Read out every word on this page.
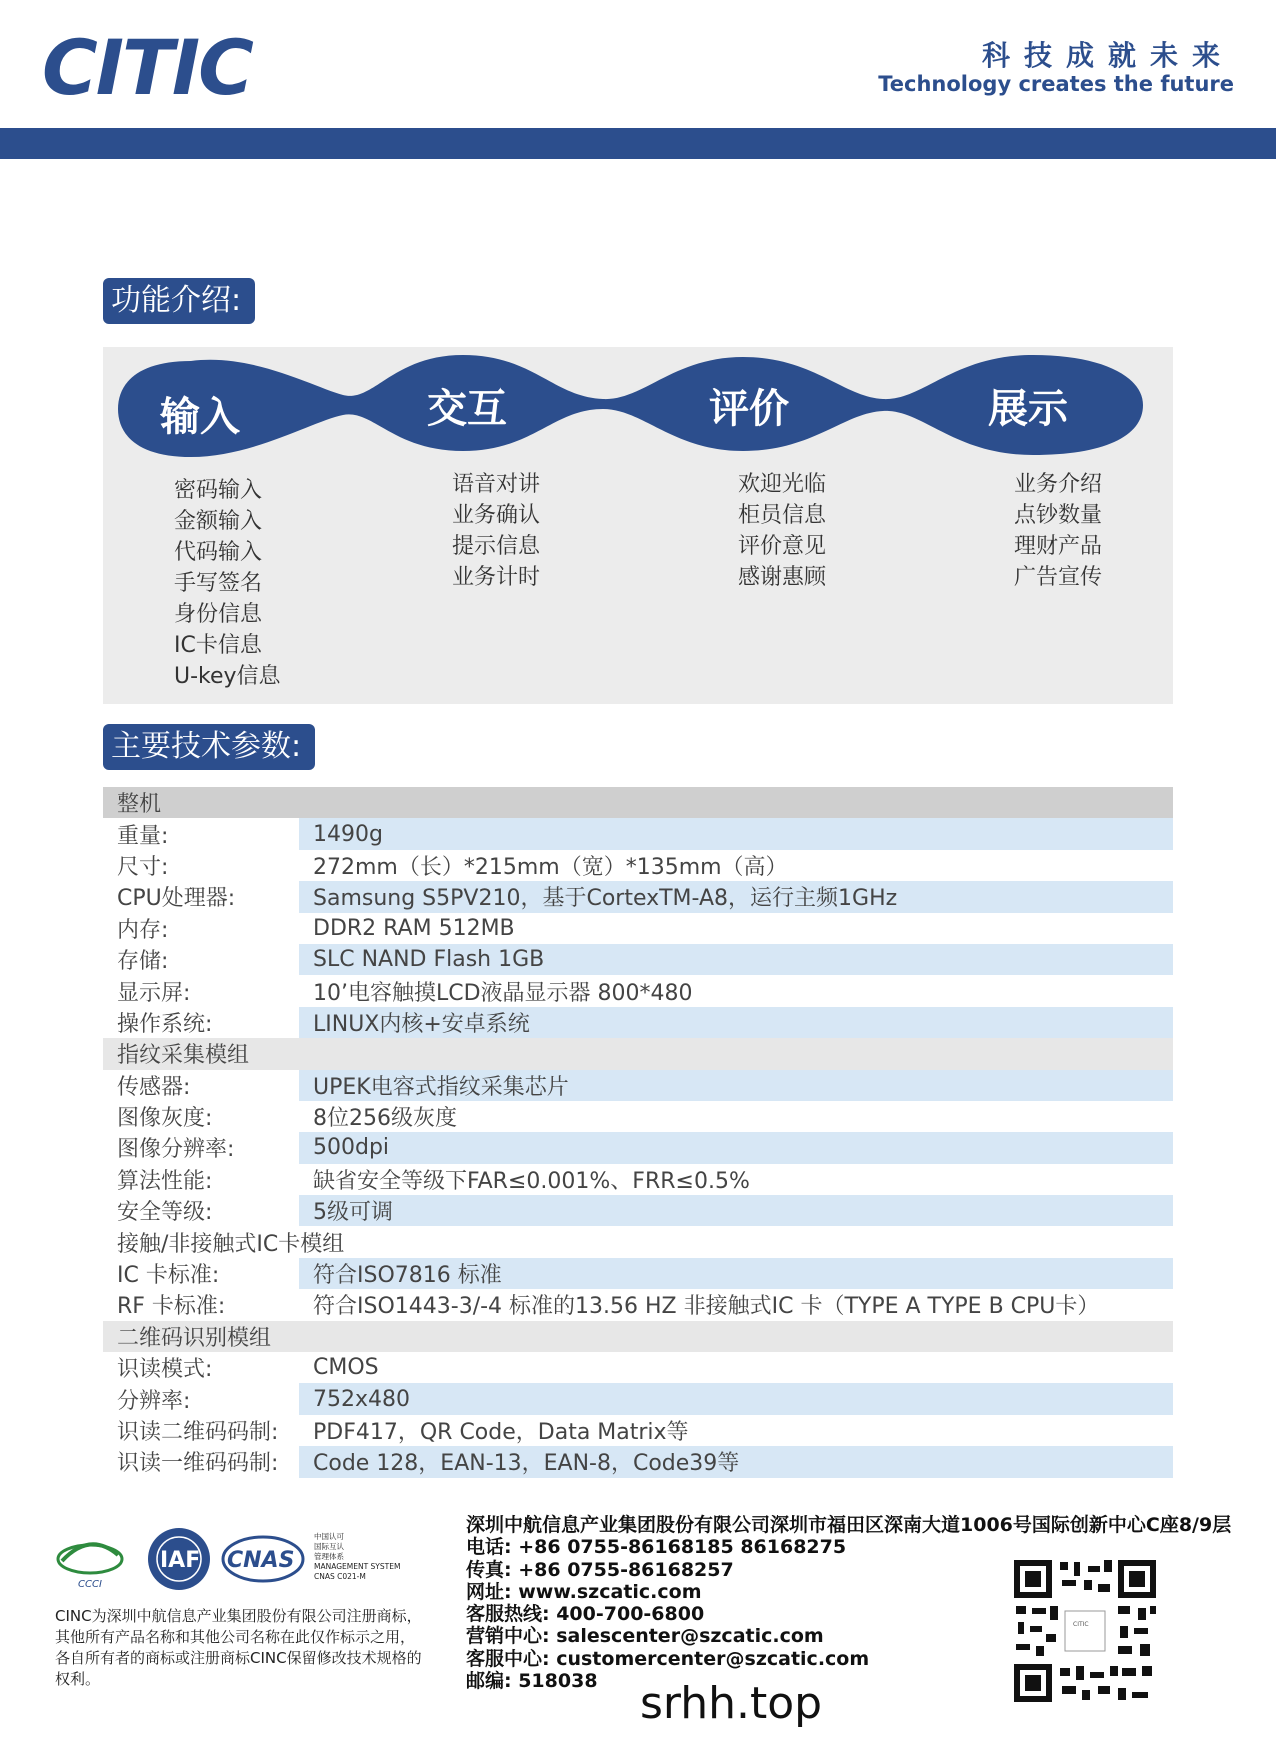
CITIC	科技成就未来
Technology creates the future
功能介绍:
输入	交互	评价	展示
密码输入
金额输入
代码输入
手写签名
身份信息
IC卡信息
U-key信息
语音对讲
业务确认
提示信息
业务计时
欢迎光临
柜员信息
评价意见
感谢惠顾
业务介绍
点钞数量
理财产品
广告宣传
主要技术参数:
整机
重量:	1490g
尺寸:	272mm（长）*215mm（宽）*135mm（高）
CPU处理器:	Samsung S5PV210，基于CortexTM-A8，运行主频1GHz
内存:	DDR2 RAM 512MB
存储:	SLC NAND Flash 1GB
显示屏:	10’电容触摸LCD液晶显示器 800*480
操作系统:	LINUX内核+安卓系统
指纹采集模组
传感器:	UPEK电容式指纹采集芯片
图像灰度:	8位256级灰度
图像分辨率:	500dpi
算法性能:	缺省安全等级下FAR≤0.001%、FRR≤0.5%
安全等级:	5级可调
接触/非接触式IC卡模组
IC 卡标准:	符合ISO7816 标准
RF 卡标准:	符合ISO1443-3/-4 标准的13.56 HZ 非接触式IC 卡（TYPE A TYPE B CPU卡）
二维码识别模组
识读模式:	CMOS
分辨率:	752x480
识读二维码码制:	PDF417，QR Code，Data Matrix等
识读一维码码制:	Code 128，EAN-13，EAN-8，Code39等
CCCI
IAF CNAS
中国认可
国际互认
管理体系
MANAGEMENT SYSTEM
CNAS C021-M
CINC为深圳中航信息产业集团股份有限公司注册商标，其他所有产品名称和其他公司名称在此仅作标示之用，各自所有者的商标或注册商标CINC保留修改技术规格的权利。
深圳中航信息产业集团股份有限公司深圳市福田区深南大道1006号国际创新中心C座8/9层
电话: +86 0755-86168185 86168275
传真: +86 0755-86168257
网址: www.szcatic.com
客服热线: 400-700-6800
营销中心: salescenter@szcatic.com
客服中心: customercenter@szcatic.com
邮编: 518038
CITIC
srhh.top
